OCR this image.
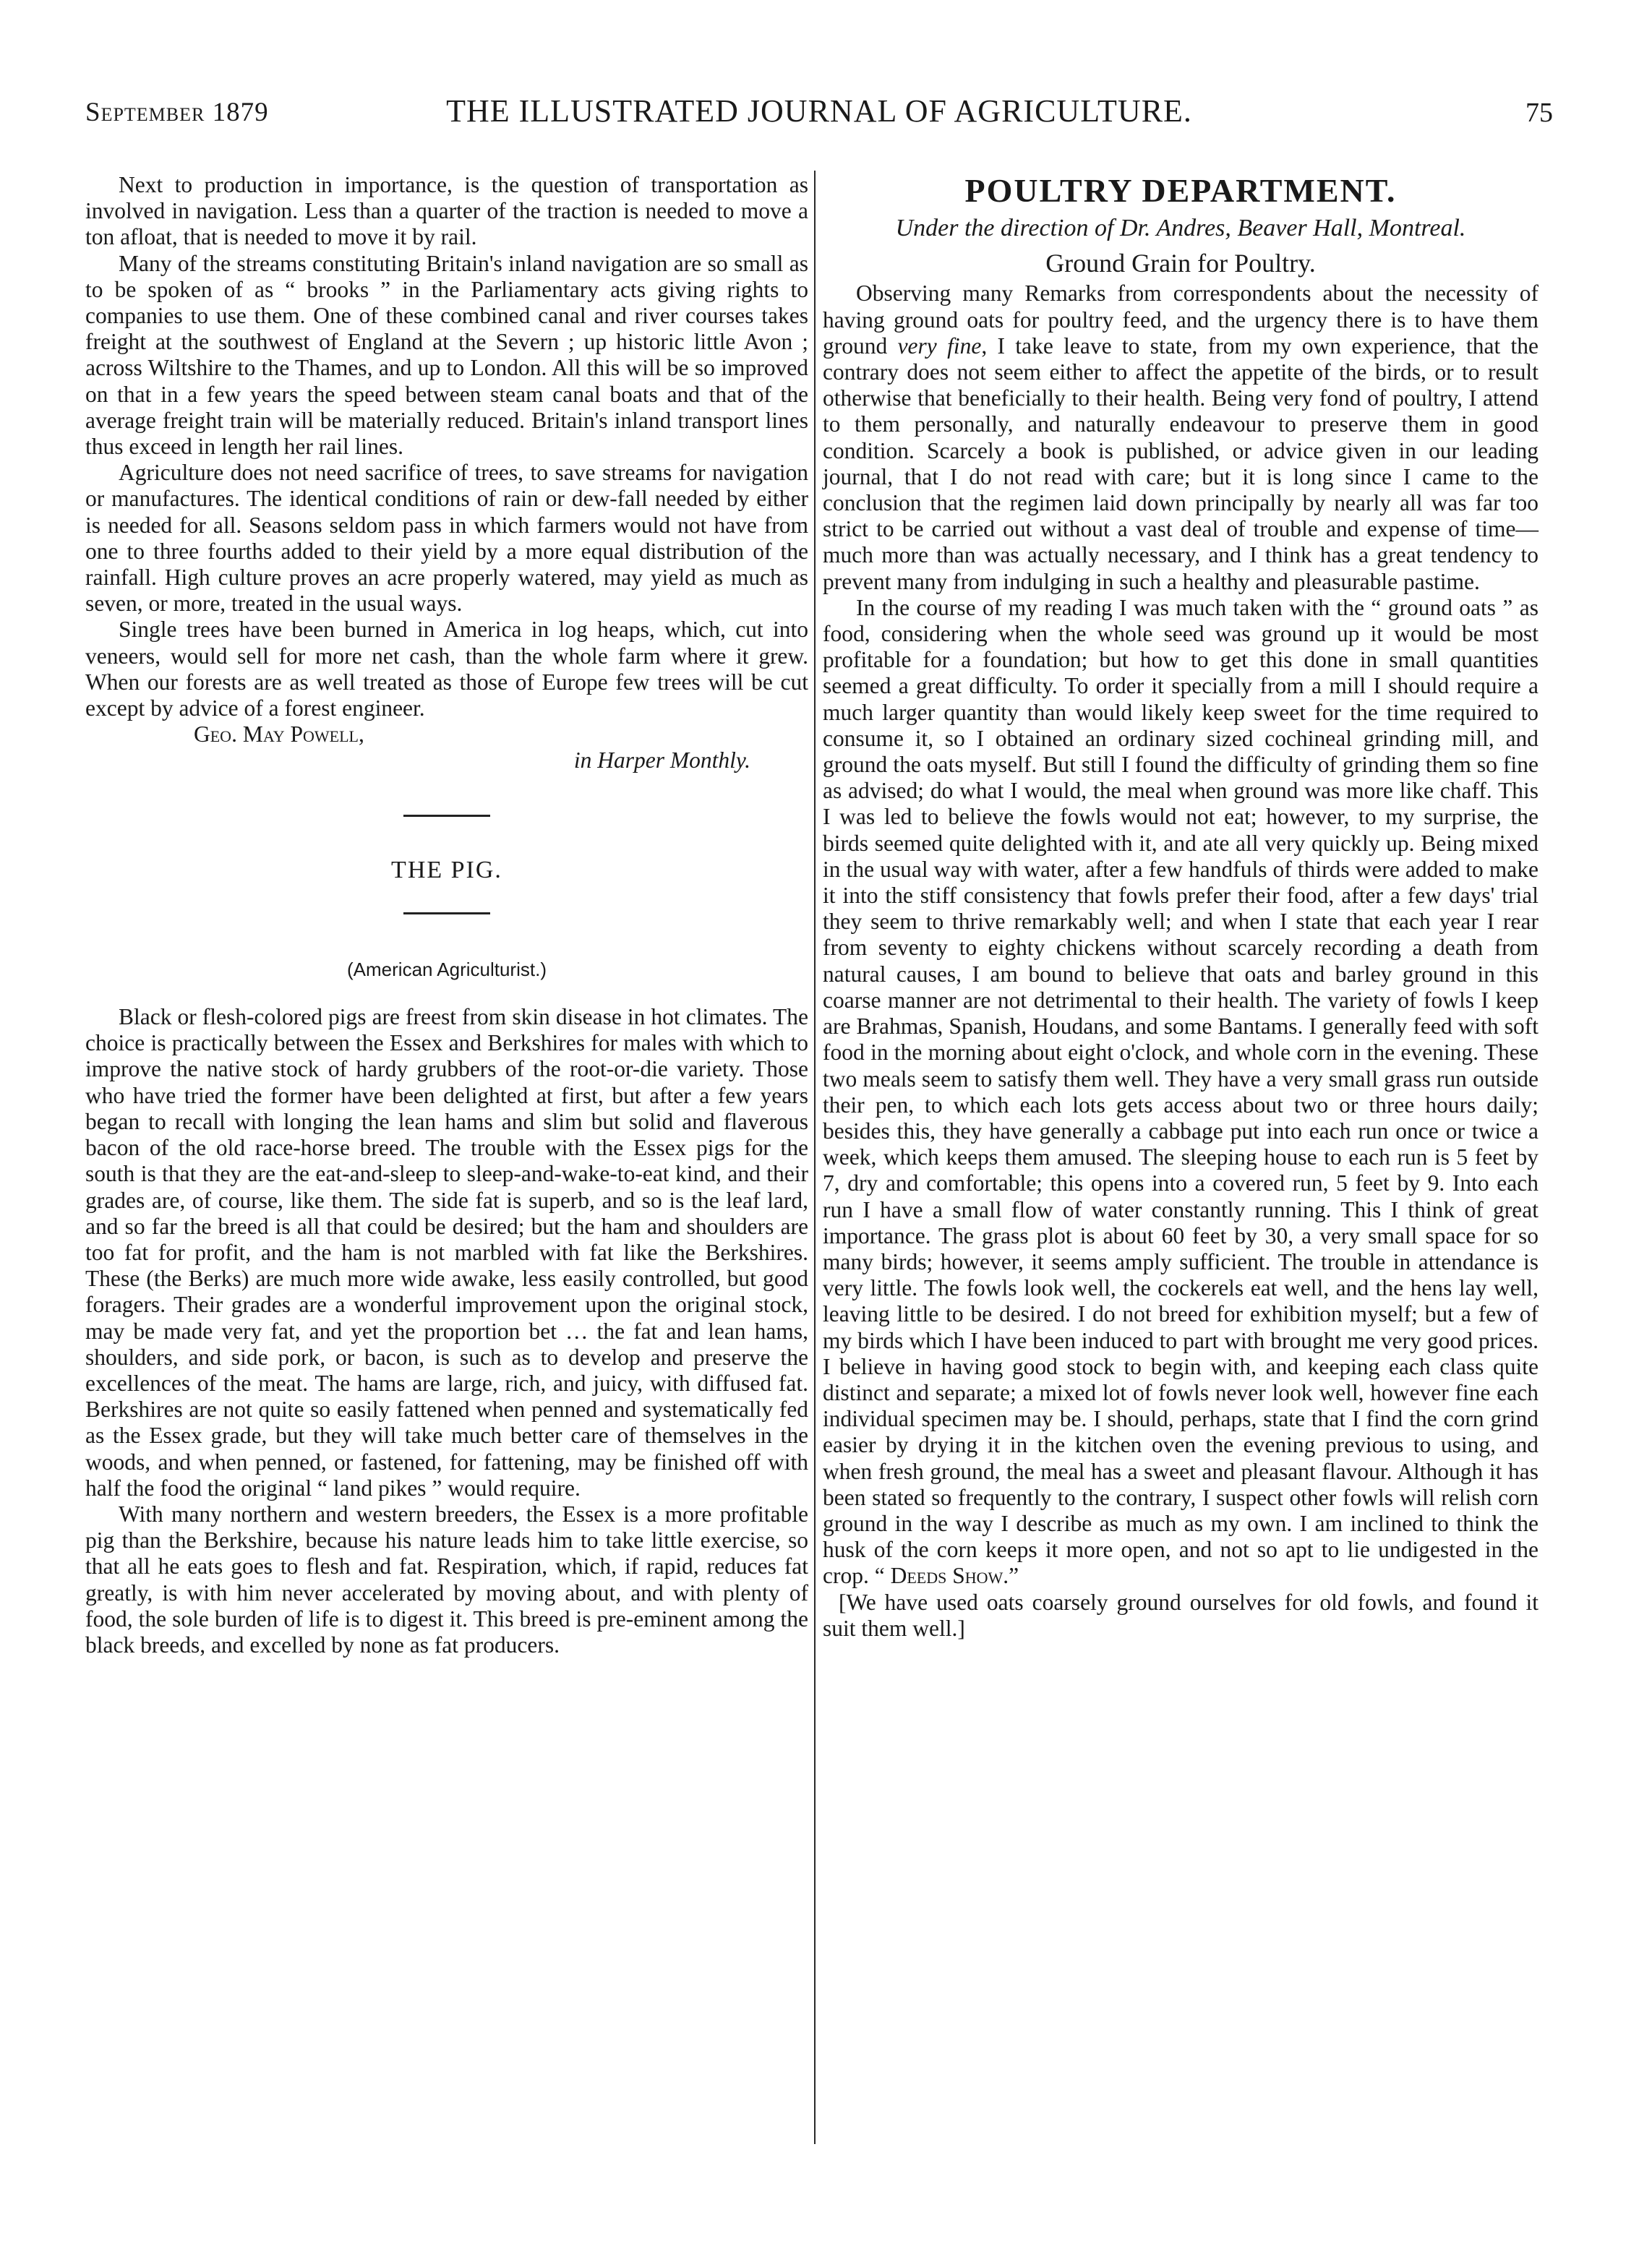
September 1879	THE ILLUSTRATED JOURNAL OF AGRICULTURE.	75

Next to production in importance, is the question of transportation as involved in navigation. Less than a quarter of the traction is needed to move a ton afloat, that is needed to move it by rail.

Many of the streams constituting Britain's inland navigation are so small as to be spoken of as “ brooks ” in the Parliamentary acts giving rights to companies to use them. One of these combined canal and river courses takes freight at the southwest of England at the Severn ; up historic little Avon ; across Wiltshire to the Thames, and up to London. All this will be so improved on that in a few years the speed between steam canal boats and that of the average freight train will be materially reduced. Britain's inland transport lines thus exceed in length her rail lines.

Agriculture does not need sacrifice of trees, to save streams for navigation or manufactures. The identical conditions of rain or dew-fall needed by either is needed for all. Seasons seldom pass in which farmers would not have from one to three fourths added to their yield by a more equal distribution of the rainfall. High culture proves an acre properly watered, may yield as much as seven, or more, treated in the usual ways.

Single trees have been burned in America in log heaps, which, cut into veneers, would sell for more net cash, than the whole farm where it grew. When our forests are as well treated as those of Europe few trees will be cut except by advice of a forest engineer.

Geo. May Powell,

in Harper Monthly.

THE PIG.

(American Agriculturist.)

Black or flesh-colored pigs are freest from skin disease in hot climates. The choice is practically between the Essex and Berkshires for males with which to improve the native stock of hardy grubbers of the root-or-die variety. Those who have tried the former have been delighted at first, but after a few years began to recall with longing the lean hams and slim but solid and flaverous bacon of the old race-horse breed. The trouble with the Essex pigs for the south is that they are the eat-and-sleep to sleep-and-wake-to-eat kind, and their grades are, of course, like them. The side fat is superb, and so is the leaf lard, and so far the breed is all that could be desired; but the ham and shoulders are too fat for profit, and the ham is not marbled with fat like the Berkshires. These (the Berks) are much more wide awake, less easily controlled, but good foragers. Their grades are a wonderful improvement upon the original stock, may be made very fat, and yet the proportion bet … the fat and lean hams, shoulders, and side pork, or bacon, is such as to develop and preserve the excellences of the meat. The hams are large, rich, and juicy, with diffused fat. Berkshires are not quite so easily fattened when penned and systematically fed as the Essex grade, but they will take much better care of themselves in the woods, and when penned, or fastened, for fattening, may be finished off with half the food the original “ land pikes ” would require.

With many northern and western breeders, the Essex is a more profitable pig than the Berkshire, because his nature leads him to take little exercise, so that all he eats goes to flesh and fat. Respiration, which, if rapid, reduces fat greatly, is with him never accelerated by moving about, and with plenty of food, the sole burden of life is to digest it. This breed is pre-eminent among the black breeds, and excelled by none as fat producers.

POULTRY DEPARTMENT.

Under the direction of Dr. Andres, Beaver Hall, Montreal.

Ground Grain for Poultry.

Observing many Remarks from correspondents about the necessity of having ground oats for poultry feed, and the urgency there is to have them ground very fine, I take leave to state, from my own experience, that the contrary does not seem either to affect the appetite of the birds, or to result otherwise that beneficially to their health. Being very fond of poultry, I attend to them personally, and naturally endeavour to preserve them in good condition. Scarcely a book is published, or advice given in our leading journal, that I do not read with care; but it is long since I came to the conclusion that the regimen laid down principally by nearly all was far too strict to be carried out without a vast deal of trouble and expense of time—much more than was actually necessary, and I think has a great tendency to prevent many from indulging in such a healthy and pleasurable pastime.

In the course of my reading I was much taken with the “ ground oats ” as food, considering when the whole seed was ground up it would be most profitable for a foundation; but how to get this done in small quantities seemed a great difficulty. To order it specially from a mill I should require a much larger quantity than would likely keep sweet for the time required to consume it, so I obtained an ordinary sized cochineal grinding mill, and ground the oats myself. But still I found the difficulty of grinding them so fine as advised; do what I would, the meal when ground was more like chaff. This I was led to believe the fowls would not eat; however, to my surprise, the birds seemed quite delighted with it, and ate all very quickly up. Being mixed in the usual way with water, after a few handfuls of thirds were added to make it into the stiff consistency that fowls prefer their food, after a few days' trial they seem to thrive remarkably well; and when I state that each year I rear from seventy to eighty chickens without scarcely recording a death from natural causes, I am bound to believe that oats and barley ground in this coarse manner are not detrimental to their health. The variety of fowls I keep are Brahmas, Spanish, Houdans, and some Bantams. I generally feed with soft food in the morning about eight o'clock, and whole corn in the evening. These two meals seem to satisfy them well. They have a very small grass run outside their pen, to which each lots gets access about two or three hours daily; besides this, they have generally a cabbage put into each run once or twice a week, which keeps them amused. The sleeping house to each run is 5 feet by 7, dry and comfortable; this opens into a covered run, 5 feet by 9. Into each run I have a small flow of water constantly running. This I think of great importance. The grass plot is about 60 feet by 30, a very small space for so many birds; however, it seems amply sufficient. The trouble in attendance is very little. The fowls look well, the cockerels eat well, and the hens lay well, leaving little to be desired. I do not breed for exhibition myself; but a few of my birds which I have been induced to part with brought me very good prices. I believe in having good stock to begin with, and keeping each class quite distinct and separate; a mixed lot of fowls never look well, however fine each individual specimen may be. I should, perhaps, state that I find the corn grind easier by drying it in the kitchen oven the evening previous to using, and when fresh ground, the meal has a sweet and pleasant flavour. Although it has been stated so frequently to the contrary, I suspect other fowls will relish corn ground in the way I describe as much as my own. I am inclined to think the husk of the corn keeps it more open, and not so apt to lie undigested in the crop. “ Deeds Show.”

[We have used oats coarsely ground ourselves for old fowls, and found it suit them well.]
